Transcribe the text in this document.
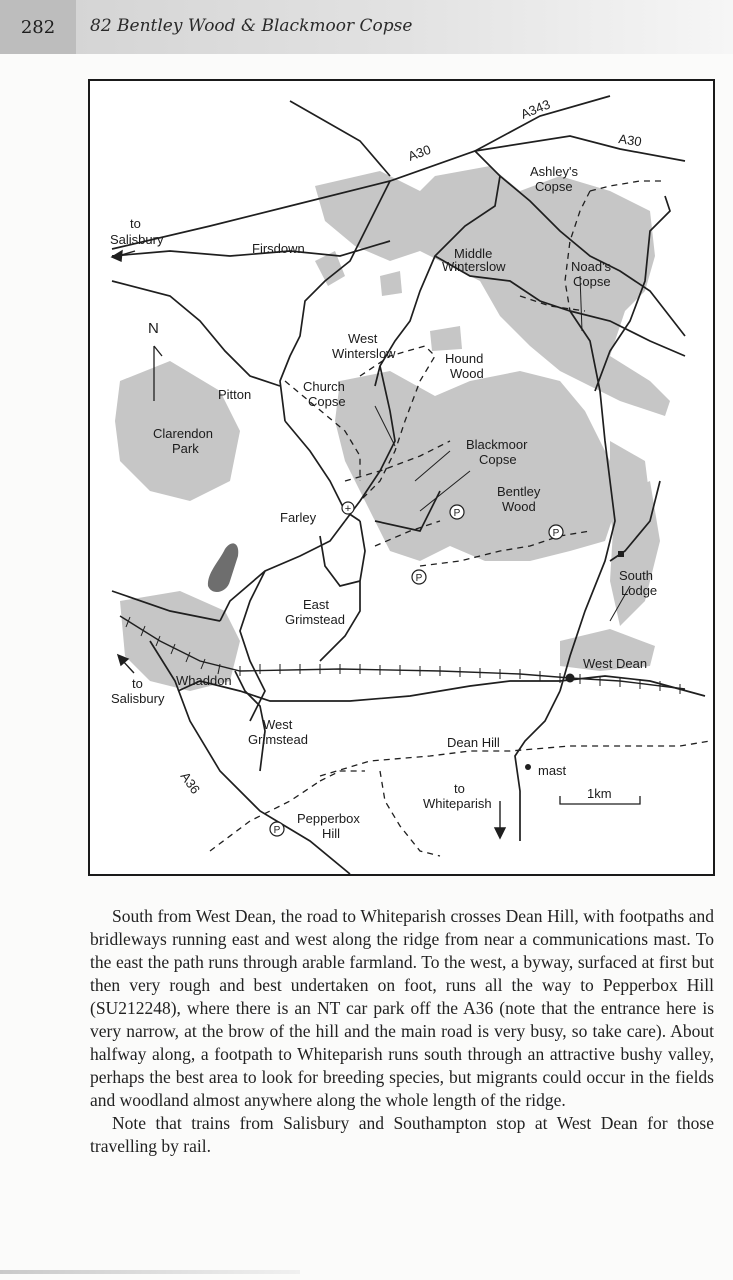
282	82 Bentley Wood & Blackmoor Copse
+	P
P
P
P
A343
A30
A30
A36
Ashley's
Copse
to
Salisbury
Firsdown	Middle
Winterslow	Noad's
Copse
N
West
Winterslow	Hound
Wood
Pitton
Church
Copse
Clarendon
Park	Blackmoor
Copse
Bentley
Wood
Farley
South
Lodge
East
Grimstead
West Dean
to
Salisbury
Whaddon
West
Grimstead	Dean Hill
mast
to
Whiteparish
Pepperbox
Hill
1km

South from West Dean, the road to Whiteparish crosses Dean Hill, with footpaths and bridleways running east and west along the ridge from near a communications mast. To the east the path runs through arable farmland. To the west, a byway, surfaced at first but then very rough and best undertaken on foot, runs all the way to Pepperbox Hill (SU212248), where there is an NT car park off the A36 (note that the entrance here is very narrow, at the brow of the hill and the main road is very busy, so take care). About halfway along, a footpath to Whiteparish runs south through an attractive bushy valley, perhaps the best area to look for breeding species, but migrants could occur in the fields and woodland almost anywhere along the whole length of the ridge.

Note that trains from Salisbury and Southampton stop at West Dean for those travelling by rail.
